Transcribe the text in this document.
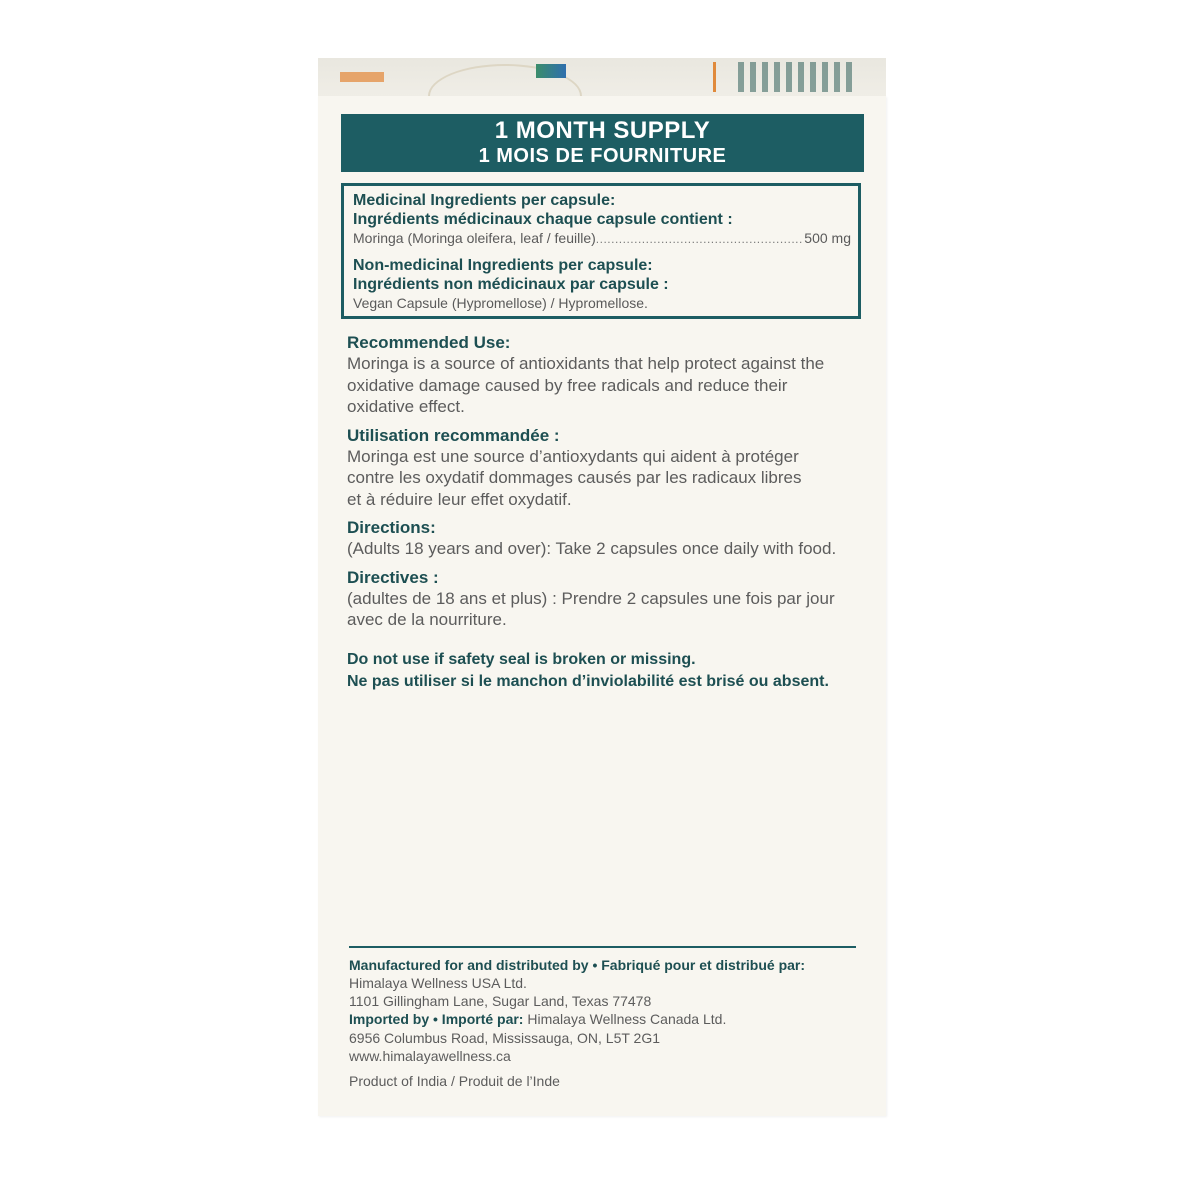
1 MONTH SUPPLY
1 MOIS DE FOURNITURE
Medicinal Ingredients per capsule:
Ingrédients médicinaux chaque capsule contient :
Moringa (Moringa oleifera, leaf / feuille)
.....	500 mg
Non-medicinal Ingredients per capsule:
Ingrédients non médicinaux par capsule :
Vegan Capsule (Hypromellose) / Hypromellose.
Recommended Use:
Moringa is a source of antioxidants that help protect against the
oxidative damage caused by free radicals and reduce their
oxidative effect.
Utilisation recommandée :
Moringa est une source d’antioxydants qui aident à protéger
contre les oxydatif dommages causés par les radicaux libres
et à réduire leur effet oxydatif.
Directions:
(Adults 18 years and over): Take 2 capsules once daily with food.
Directives :
(adultes de 18 ans et plus) : Prendre 2 capsules une fois par jour
avec de la nourriture.
Do not use if safety seal is broken or missing.
Ne pas utiliser si le manchon d’inviolabilité est brisé ou absent.
Manufactured for and distributed by • Fabriqué pour et distribué par:
Himalaya Wellness USA Ltd.
1101 Gillingham Lane, Sugar Land, Texas 77478
Imported by • Importé par: Himalaya Wellness Canada Ltd.
6956 Columbus Road, Mississauga, ON, L5T 2G1
www.himalayawellness.ca
Product of India / Produit de l’Inde
